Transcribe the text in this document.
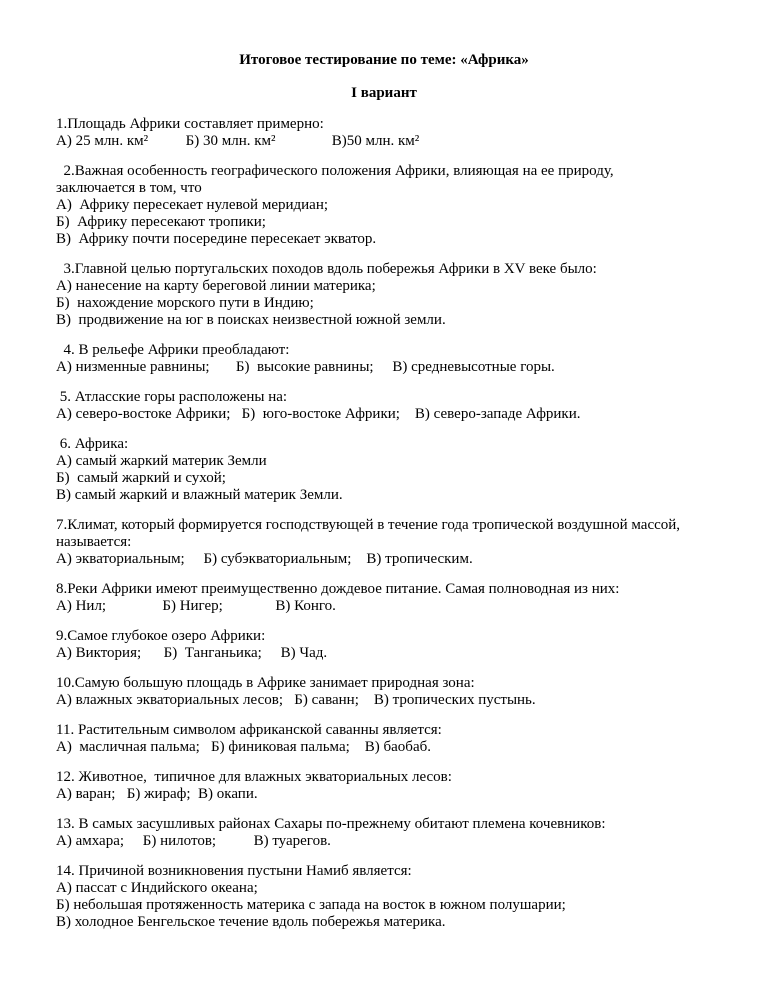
Итоговое тестирование по теме: «Африка»
I вариант
1.Площадь Африки составляет примерно:
А) 25 млн. км²          Б) 30 млн. км²               В)50 млн. км²
2.Важная особенность географического положения Африки, влияющая на ее природу,
заключается в том, что
А)  Африку пересекает нулевой меридиан;
Б)  Африку пересекают тропики;
В)  Африку почти посередине пересекает экватор.
3.Главной целью португальских походов вдоль побережья Африки в XV веке было:
А) нанесение на карту береговой линии материка;
Б)  нахождение морского пути в Индию;
В)  продвижение на юг в поисках неизвестной южной земли.
4. В рельефе Африки преобладают:
А) низменные равнины;       Б)  высокие равнины;     В) средневысотные горы.
5. Атласские горы расположены на:
А) северо-востоке Африки;   Б)  юго-востоке Африки;    В) северо-западе Африки.
6. Африка:
А) самый жаркий материк Земли
Б)  самый жаркий и сухой;
В) самый жаркий и влажный материк Земли.
7.Климат, который формируется господствующей в течение года тропической воздушной массой,
называется:
А) экваториальным;     Б) субэкваториальным;    В) тропическим.
8.Реки Африки имеют преимущественно дождевое питание. Самая полноводная из них:
А) Нил;               Б) Нигер;              В) Конго.
9.Самое глубокое озеро Африки:
А) Виктория;      Б)  Танганьика;     В) Чад.
10.Самую большую площадь в Африке занимает природная зона:
А) влажных экваториальных лесов;   Б) саванн;    В) тропических пустынь.
11. Растительным символом африканской саванны является:
А)  масличная пальма;   Б) финиковая пальма;    В) баобаб.
12. Животное,  типичное для влажных экваториальных лесов:
А) варан;   Б) жираф;  В) окапи.
13. В самых засушливых районах Сахары по-прежнему обитают племена кочевников:
А) амхара;     Б) нилотов;          В) туарегов.
14. Причиной возникновения пустыни Намиб является:
А) пассат с Индийского океана;
Б) небольшая протяженность материка с запада на восток в южном полушарии;
В) холодное Бенгельское течение вдоль побережья материка.
